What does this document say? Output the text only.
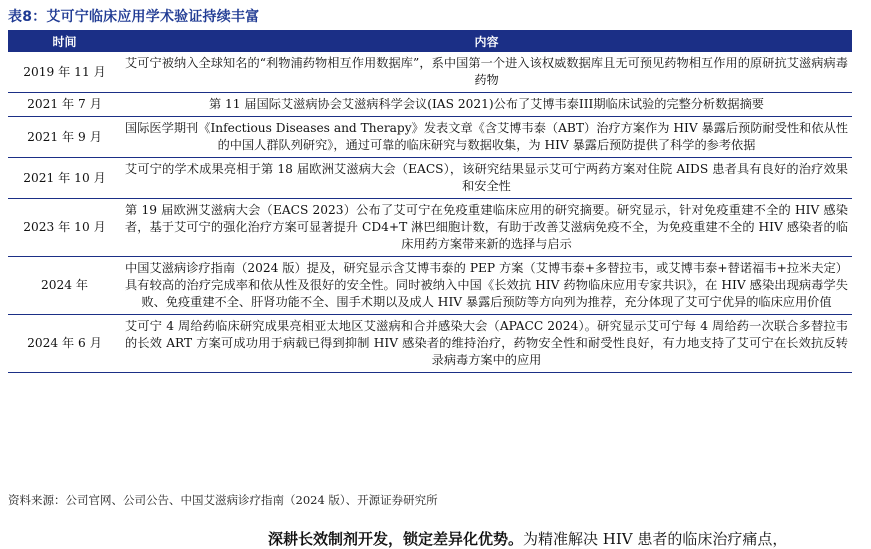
表8：艾可宁临床应用学术验证持续丰富
时间	内容
2019 年 11 月	艾可宁被纳入全球知名的“利物浦药物相互作用数据库”，系中国第一个进入该权威数据库且无可预见药物相互作用的原研抗艾滋病病毒药物
2021 年 7 月	第 11 届国际艾滋病协会艾滋病科学会议(IAS 2021)公布了艾博韦泰III期临床试验的完整分析数据摘要
2021 年 9 月	国际医学期刊《Infectious Diseases and Therapy》发表文章《含艾博韦泰（ABT）治疗方案作为 HIV 暴露后预防耐受性和依从性的中国人群队列研究》，通过可靠的临床研究与数据收集，为 HIV 暴露后预防提供了科学的参考依据
2021 年 10 月	艾可宁的学术成果亮相于第 18 届欧洲艾滋病大会（EACS），该研究结果显示艾可宁两药方案对住院 AIDS 患者具有良好的治疗效果和安全性
2023 年 10 月	第 19 届欧洲艾滋病大会（EACS 2023）公布了艾可宁在免疫重建临床应用的研究摘要。研究显示，针对免疫重建不全的 HIV 感染者，基于艾可宁的强化治疗方案可显著提升 CD4+T 淋巴细胞计数，有助于改善艾滋病免疫不全，为免疫重建不全的 HIV 感染者的临床用药方案带来新的选择与启示
2024 年	中国艾滋病诊疗指南（2024 版）提及，研究显示含艾博韦泰的 PEP 方案（艾博韦泰+多替拉韦，或艾博韦泰+替诺福韦+拉米夫定）具有较高的治疗完成率和依从性及很好的安全性。同时被纳入中国《长效抗 HIV 药物临床应用专家共识》，在 HIV 感染出现病毒学失败、免疫重建不全、肝肾功能不全、围手术期以及成人 HIV 暴露后预防等方向列为推荐，充分体现了艾可宁优异的临床应用价值
2024 年 6 月	艾可宁 4 周给药临床研究成果亮相亚太地区艾滋病和合并感染大会（APACC 2024）。研究显示艾可宁每 4 周给药一次联合多替拉韦的长效 ART 方案可成功用于病载已得到抑制 HIV 感染者的维持治疗，药物安全性和耐受性良好，有力地支持了艾可宁在长效抗反转录病毒方案中的应用
资料来源：公司官网、公司公告、中国艾滋病诊疗指南（2024 版）、开源证券研究所
深耕长效制剂开发，锁定差异化优势。为精准解决 HIV 患者的临床治疗痛点，
